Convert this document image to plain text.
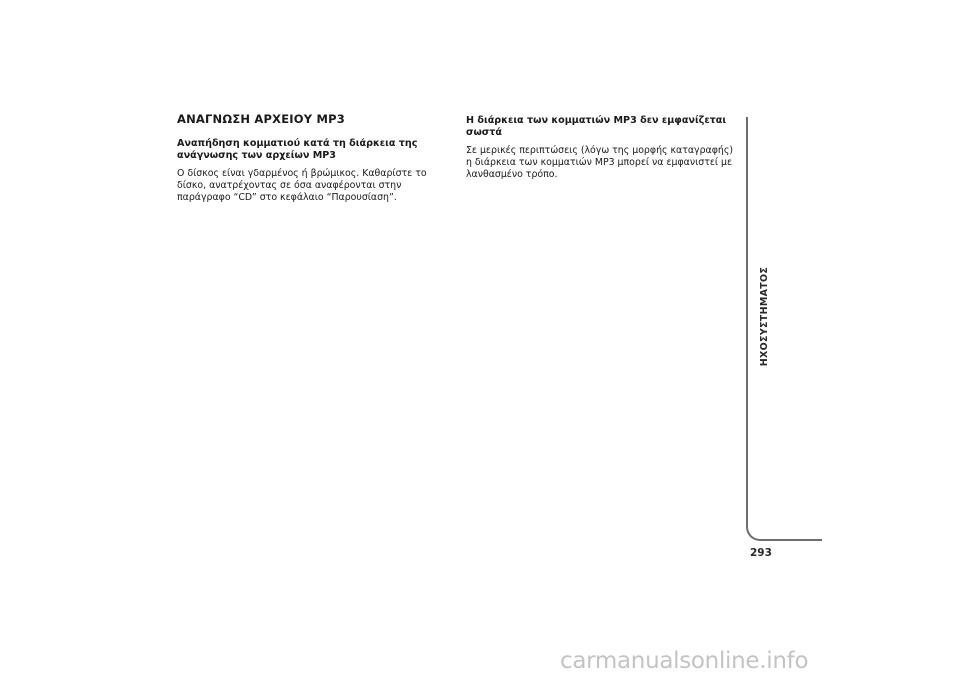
ΑΝΑΓΝΩΣΗ ΑΡΧΕΙΟΥ MP3
Αναπήδηση κομματιού κατά τη διάρκεια της ανάγνωσης των αρχείων MP3

Ο δίσκος είναι γδαρμένος ή βρώμικος. Καθαρίστε το δίσκο, ανατρέχοντας σε όσα αναφέρονται στην παράγραφο “CD” στο κεφάλαιο “Παρουσίαση”.

Η διάρκεια των κομματιών MP3 δεν εμφανίζεται σωστά

Σε μερικές περιπτώσεις (λόγω της μορφής καταγραφής) η διάρκεια των κομματιών MP3 μπορεί να εμφανιστεί με λανθασμένο τρόπο.

ΗΧΟΣΥΣΤΗΜΑΤΟΣ
293
carmanualsonline.info
